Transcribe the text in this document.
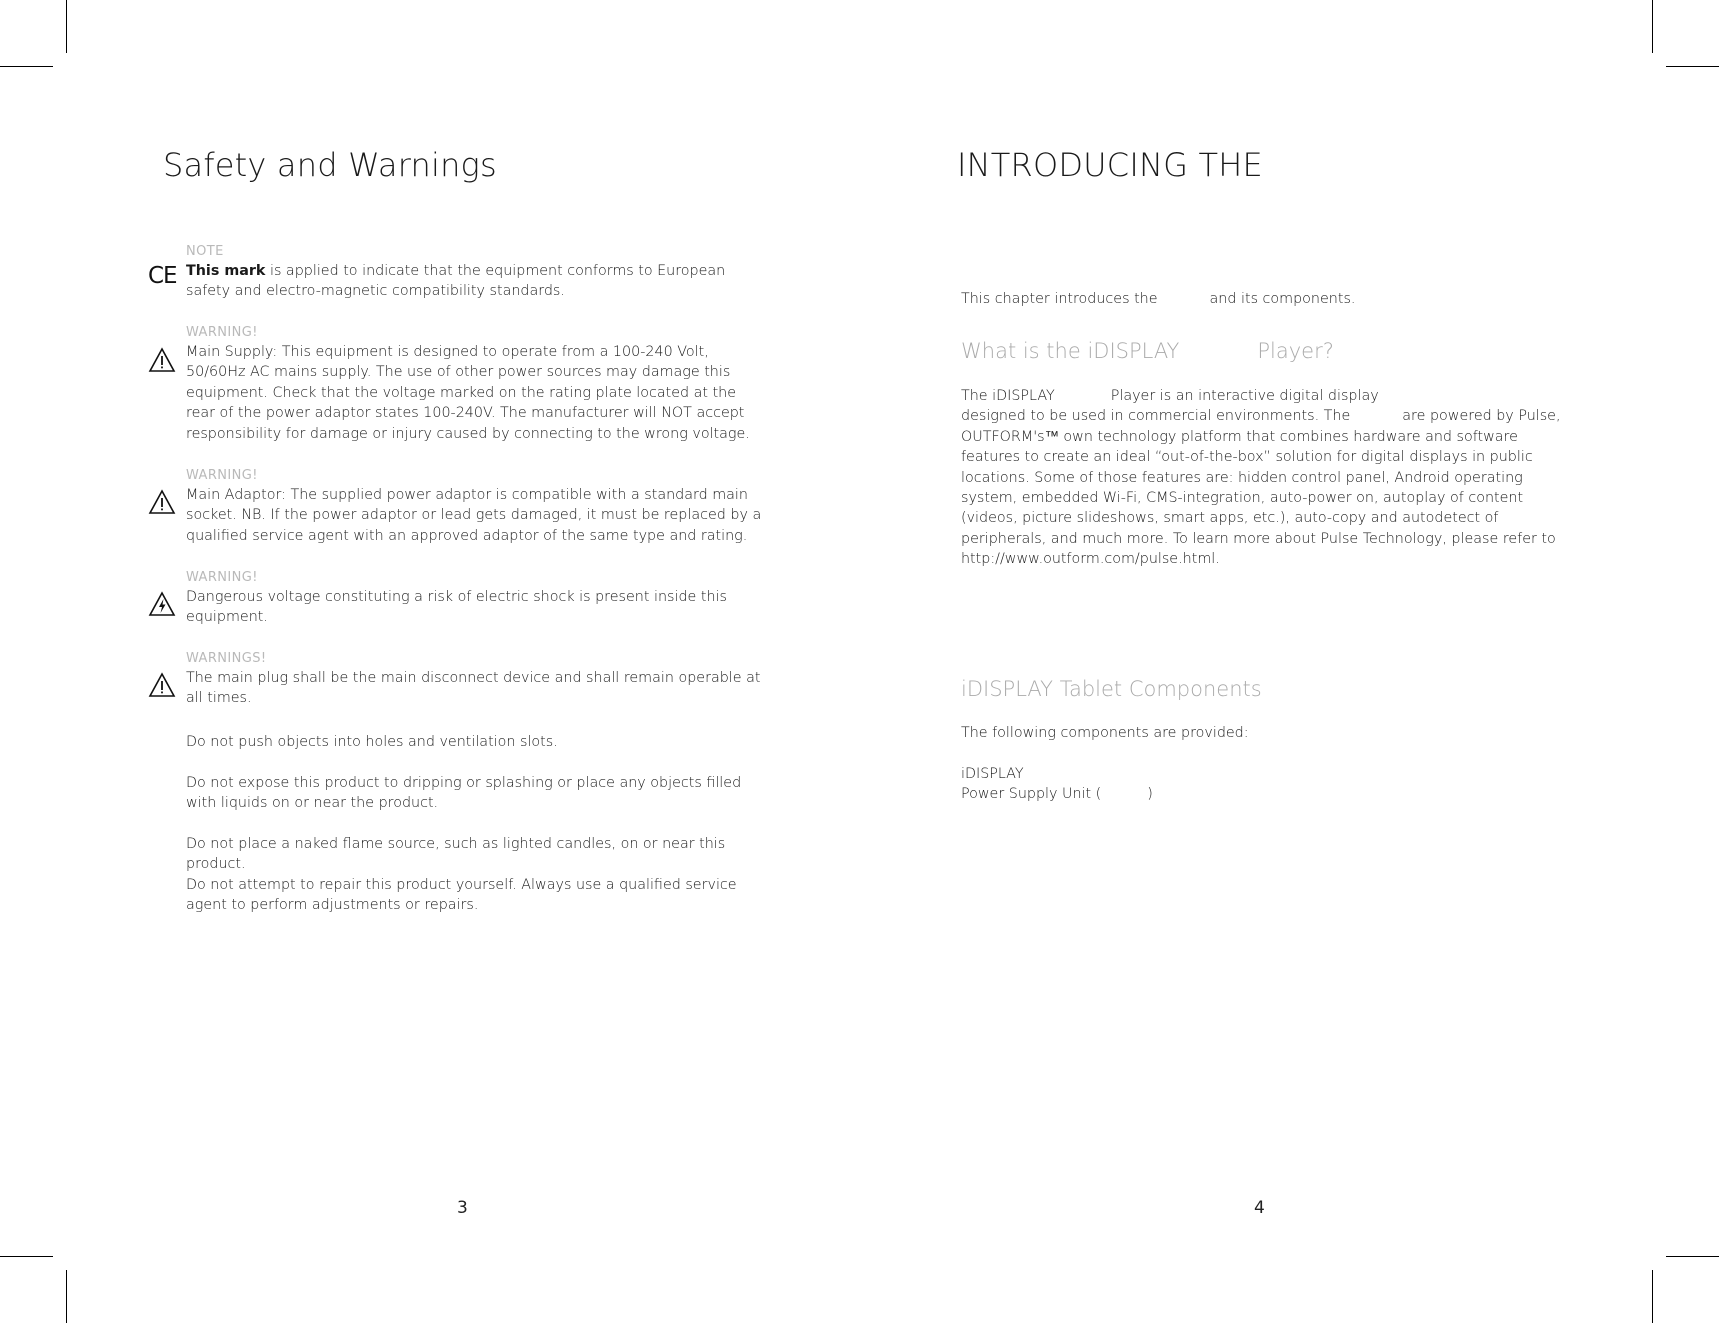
Safety and Warnings
CE
NOTE
This mark is applied to indicate that the equipment conforms to European safety and electro-magnetic compatibility standards.
WARNING!
Main Supply: This equipment is designed to operate from a 100-240 Volt, 50/60Hz AC mains supply. The use of other power sources may damage this equipment. Check that the voltage marked on the rating plate located at the rear of the power adaptor states 100-240V. The manufacturer will NOT accept responsibility for damage or injury caused by connecting to the wrong voltage.
WARNING!
Main Adaptor: The supplied power adaptor is compatible with a standard main socket. NB. If the power adaptor or lead gets damaged, it must be replaced by a qualified service agent with an approved adaptor of the same type and rating.
WARNING!
Dangerous voltage constituting a risk of electric shock is present inside this equipment.
WARNINGS!
The main plug shall be the main disconnect device and shall remain operable at all times.
Do not push objects into holes and ventilation slots.
Do not expose this product to dripping or splashing or place any objects filled with liquids on or near the product.
Do not place a naked flame source, such as lighted candles, on or near this product.
Do not attempt to repair this product yourself. Always use a qualified service agent to perform adjustments or repairs.
3
INTRODUCING THE
This chapter introduces the	and its components.
What is the iDISPLAY	Player?
The iDISPLAY	Player is an interactive digital display
designed to be used in commercial environments. The	are powered by Pulse,
OUTFORM's™ own technology platform that combines hardware and software features to create an ideal “out-of-the-box” solution for digital displays in public locations. Some of those features are: hidden control panel, Android operating system, embedded Wi-Fi, CMS-integration, auto-power on, autoplay of content (videos, picture slideshows, smart apps, etc.), auto-copy and autodetect of peripherals, and much more. To learn more about Pulse Technology, please refer to http://www.outform.com/pulse.html.
iDISPLAY Tablet Components
The following components are provided:
iDISPLAY
Power Supply Unit (	)
4
